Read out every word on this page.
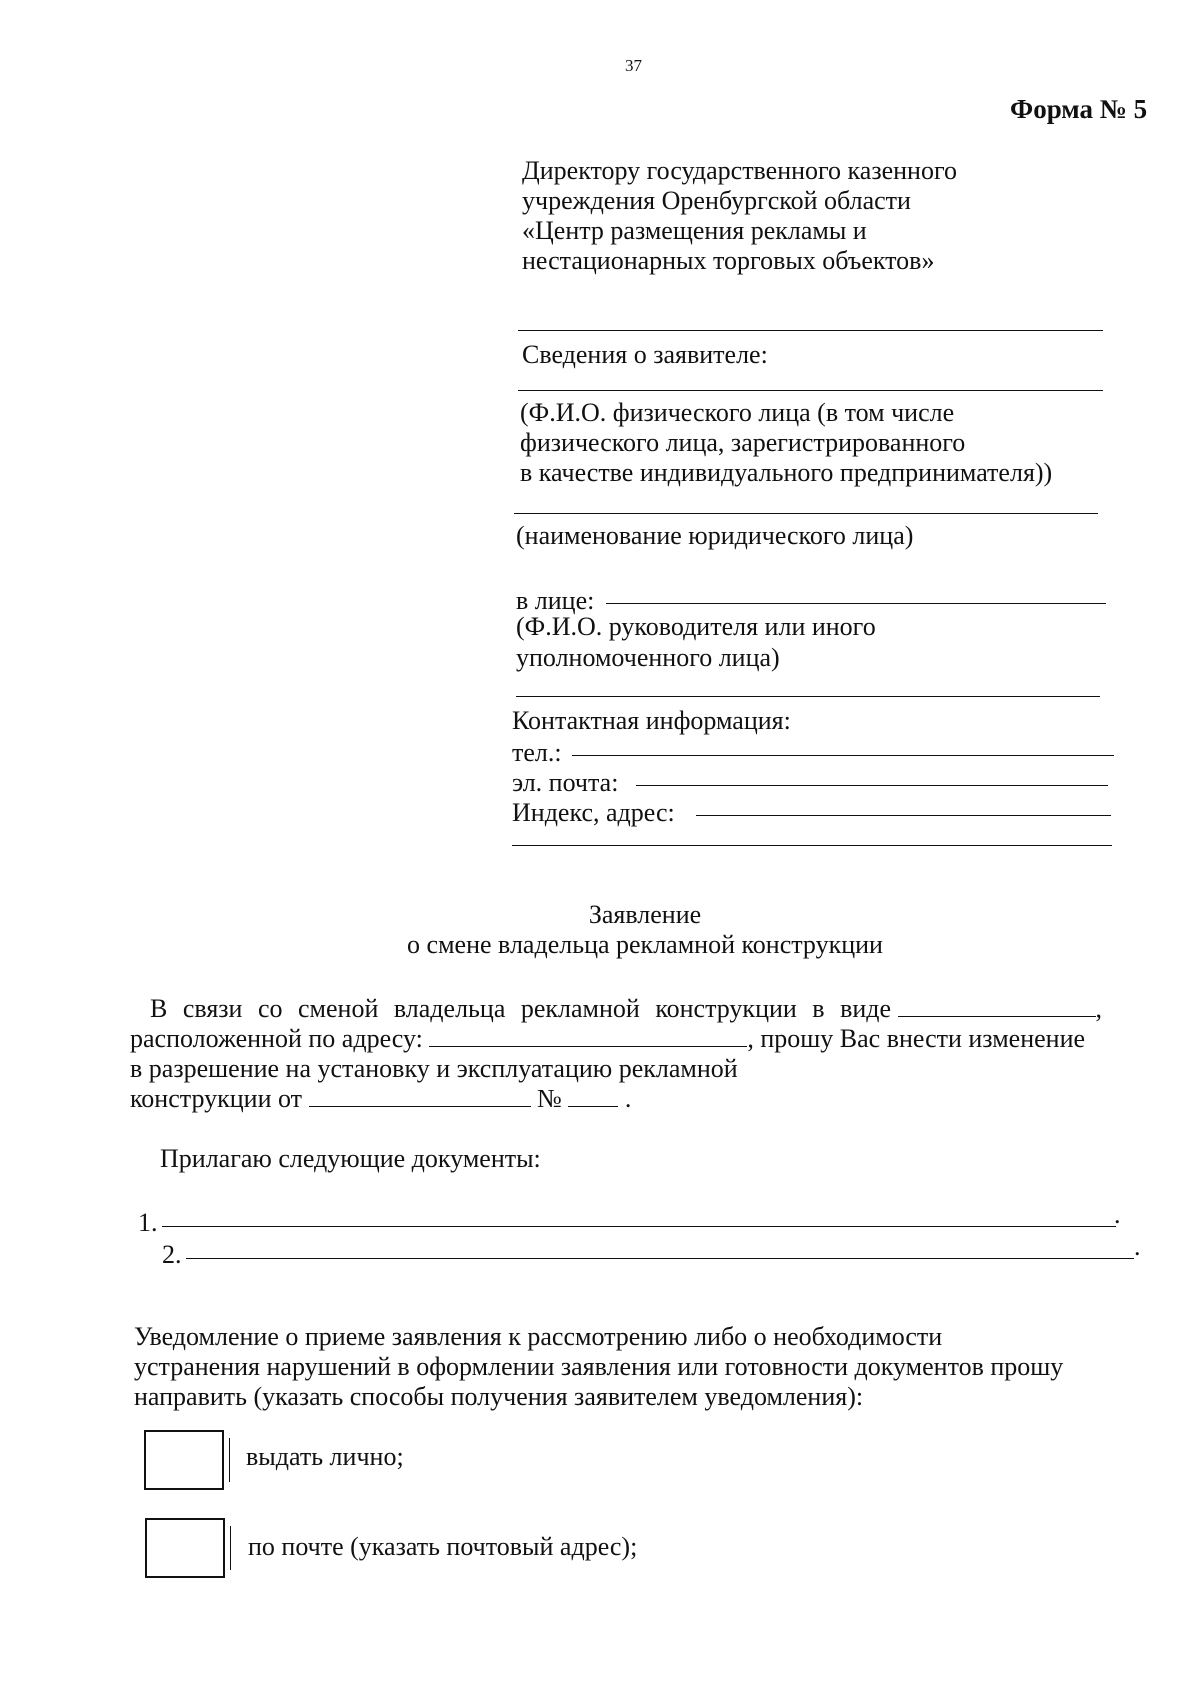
37
Форма № 5
Директору государственного казенного
учреждения Оренбургской области
«Центр размещения рекламы и
нестационарных торговых объектов»
Сведения о заявителе:
(Ф.И.О. физического лица (в том числе
физического лица, зарегистрированного
в качестве индивидуального предпринимателя))
(наименование юридического лица)
в лице:
(Ф.И.О. руководителя или иного
уполномоченного лица)
Контактная информация:
тел.:
эл. почта:
Индекс, адрес:
Заявление
о смене владельца рекламной конструкции
В связи со сменой владельца рекламной конструкции в виде	,
расположенной по адресу:	, прошу Вас внести изменение
в разрешение на установку и эксплуатацию рекламной
конструкции от	№ .
Прилагаю следующие документы:
1.	.
2.	.
Уведомление о приеме заявления к рассмотрению либо о необходимости
устранения нарушений в оформлении заявления или готовности документов прошу
направить (указать способы получения заявителем уведомления):
выдать лично;
по почте (указать почтовый адрес);
